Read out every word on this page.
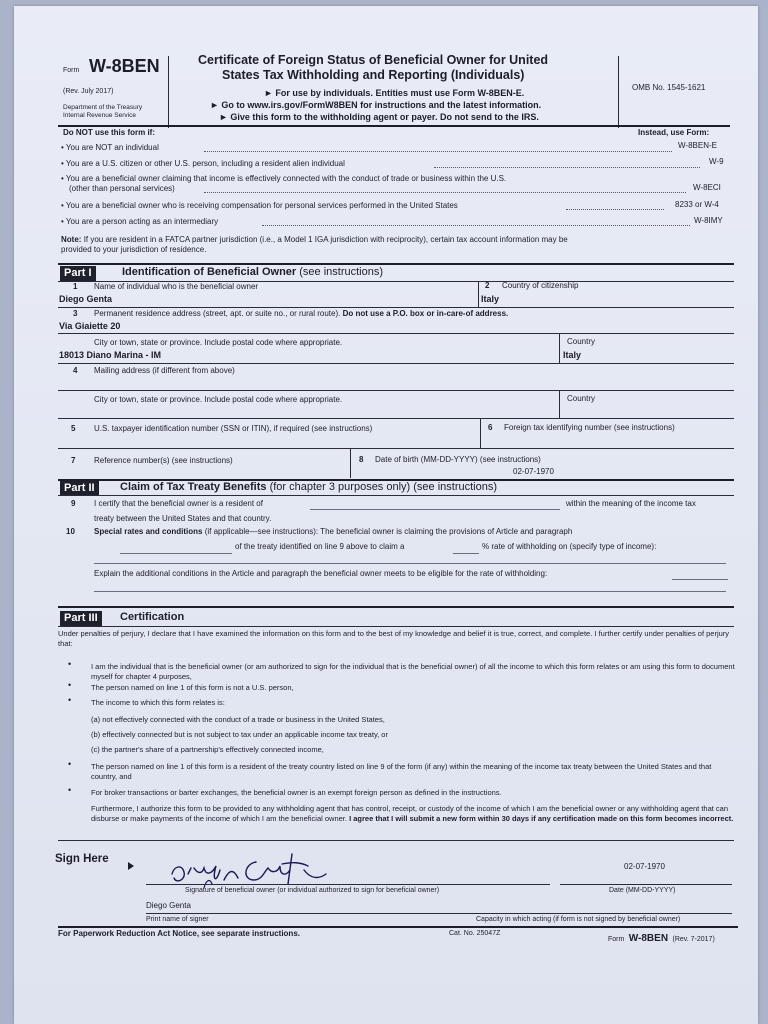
Form W-8BEN
(Rev. July 2017)
Department of the Treasury
Internal Revenue Service
Certificate of Foreign Status of Beneficial Owner for United
States Tax Withholding and Reporting (Individuals)
► For use by individuals. Entities must use Form W-8BEN-E.
► Go to www.irs.gov/FormW8BEN for instructions and the latest information.
► Give this form to the withholding agent or payer. Do not send to the IRS.
OMB No. 1545-1621
Do NOT use this form if:	Instead, use Form:
• You are NOT an individual	W-8BEN-E
• You are a U.S. citizen or other U.S. person, including a resident alien individual	W-9
• You are a beneficial owner claiming that income is effectively connected with the conduct of trade or business within the U.S.
(other than personal services)	W-8ECI
• You are a beneficial owner who is receiving compensation for personal services performed in the United States	8233 or W-4
• You are a person acting as an intermediary	W-8IMY
Note: If you are resident in a FATCA partner jurisdiction (i.e., a Model 1 IGA jurisdiction with reciprocity), certain tax account information may be
provided to your jurisdiction of residence.
Part I	Identification of Beneficial Owner (see instructions)
1 Name of individual who is the beneficial owner
Diego Genta
2 Country of citizenship
Italy
3 Permanent residence address (street, apt. or suite no., or rural route). Do not use a P.O. box or in-care-of address.
Via Giaiette 20
City or town, state or province. Include postal code where appropriate.
18013 Diano Marina - IM
Country
Italy
4 Mailing address (if different from above)
City or town, state or province. Include postal code where appropriate.	Country
5 U.S. taxpayer identification number (SSN or ITIN), if required (see instructions)	6 Foreign tax identifying number (see instructions)
7 Reference number(s) (see instructions)	8 Date of birth (MM-DD-YYYY) (see instructions)
02-07-1970
Part II	Claim of Tax Treaty Benefits (for chapter 3 purposes only) (see instructions)
9 I certify that the beneficial owner is a resident of	within the meaning of the income tax
treaty between the United States and that country.
10 Special rates and conditions (if applicable—see instructions): The beneficial owner is claiming the provisions of Article and paragraph
of the treaty identified on line 9 above to claim a	% rate of withholding on (specify type of income):
Explain the additional conditions in the Article and paragraph the beneficial owner meets to be eligible for the rate of withholding:
Part III	Certification
Under penalties of perjury, I declare that I have examined the information on this form and to the best of my knowledge and belief it is true, correct, and complete. I further certify under penalties of perjury that:
•	I am the individual that is the beneficial owner (or am authorized to sign for the individual that is the beneficial owner) of all the income to which this form relates or am using this form to document myself for chapter 4 purposes,
•	The person named on line 1 of this form is not a U.S. person,
•	The income to which this form relates is:
(a) not effectively connected with the conduct of a trade or business in the United States,
(b) effectively connected but is not subject to tax under an applicable income tax treaty, or
(c) the partner's share of a partnership's effectively connected income,
•	The person named on line 1 of this form is a resident of the treaty country listed on line 9 of the form (if any) within the meaning of the income tax treaty between the United States and that country, and
•	For broker transactions or barter exchanges, the beneficial owner is an exempt foreign person as defined in the instructions.
Furthermore, I authorize this form to be provided to any withholding agent that has control, receipt, or custody of the income of which I am the beneficial owner or any withholding agent that can disburse or make payments of the income of which I am the beneficial owner. I agree that I will submit a new form within 30 days if any certification made on this form becomes incorrect.
Sign Here
Signature of beneficial owner (or individual authorized to sign for beneficial owner)
02-07-1970
Date (MM-DD-YYYY)
Diego Genta
Print name of signer	Capacity in which acting (if form is not signed by beneficial owner)
For Paperwork Reduction Act Notice, see separate instructions.	Cat. No. 25047Z
Form W-8BEN (Rev. 7-2017)
